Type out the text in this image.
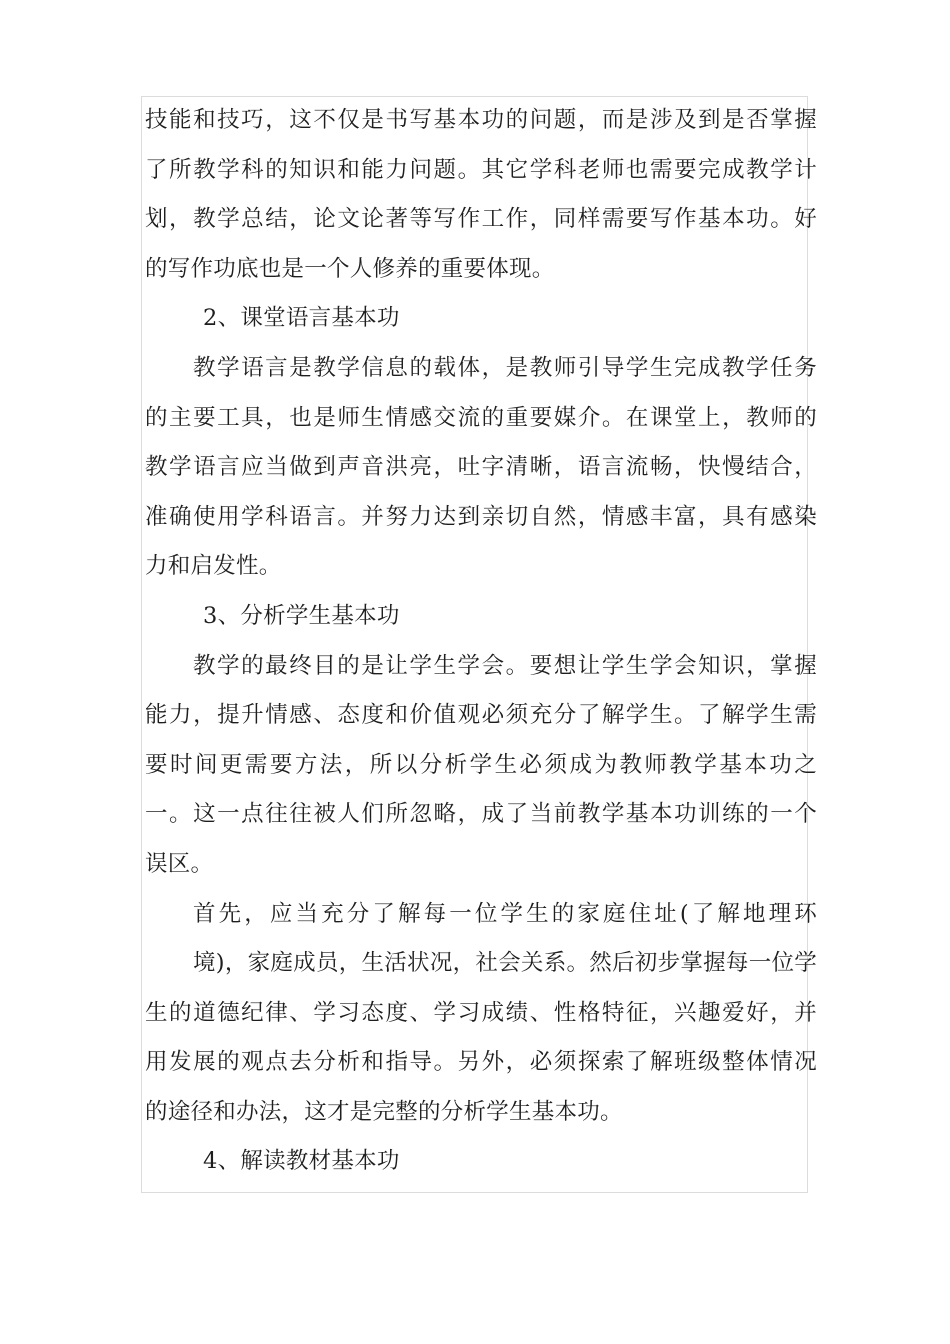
技能和技巧，这不仅是书写基本功的问题，而是涉及到是否掌握
了所教学科的知识和能力问题。其它学科老师也需要完成教学计
划，教学总结，论文论著等写作工作，同样需要写作基本功。好
的写作功底也是一个人修养的重要体现。
2、课堂语言基本功
教学语言是教学信息的载体，是教师引导学生完成教学任务
的主要工具，也是师生情感交流的重要媒介。在课堂上，教师的
教学语言应当做到声音洪亮，吐字清晰，语言流畅，快慢结合，
准确使用学科语言。并努力达到亲切自然，情感丰富，具有感染
力和启发性。
3、分析学生基本功
教学的最终目的是让学生学会。要想让学生学会知识，掌握
能力，提升情感、态度和价值观必须充分了解学生。了解学生需
要时间更需要方法，所以分析学生必须成为教师教学基本功之
一。这一点往往被人们所忽略，成了当前教学基本功训练的一个
误区。
首先，应当充分了解每一位学生的家庭住址(了解地理环
境)，家庭成员，生活状况，社会关系。然后初步掌握每一位学
生的道德纪律、学习态度、学习成绩、性格特征，兴趣爱好，并
用发展的观点去分析和指导。另外，必须探索了解班级整体情况
的途径和办法，这才是完整的分析学生基本功。
4、解读教材基本功
